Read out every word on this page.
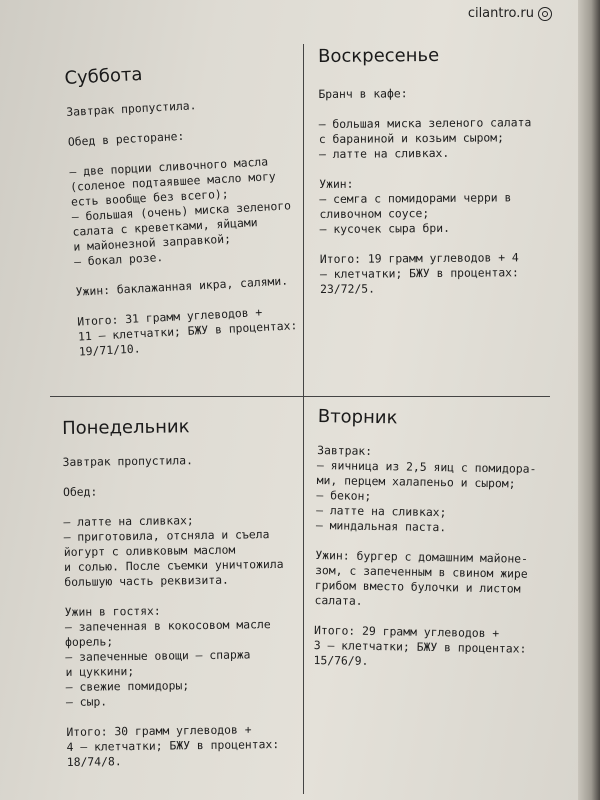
cilantro.ru
Суббота
Завтрак пропустила.

Обед в ресторане:

– две порции сливочного масла
(соленое подтаявшее масло могу
есть вообще без всего);
– большая (очень) миска зеленого
салата с креветками, яйцами
и майонезной заправкой;
– бокал розе.

Ужин: баклажанная икра, салями.

Итого: 31 грамм углеводов +
11 – клетчатки; БЖУ в процентах:
19/71/10.
Воскресенье
Бранч в кафе:

– большая миска зеленого салата
с бараниной и козьим сыром;
– латте на сливках.

Ужин:
– семга с помидорами черри в
сливочном соусе;
– кусочек сыра бри.

Итого: 19 грамм углеводов + 4
– клетчатки; БЖУ в процентах:
23/72/5.
Понедельник
Завтрак пропустила.

Обед:

– латте на сливках;
– приготовила, отсняла и съела
йогурт с оливковым маслом
и солью. После съемки уничтожила
большую часть реквизита.

Ужин в гостях:
– запеченная в кокосовом масле
форель;
– запеченные овощи – спаржа
и цуккини;
– свежие помидоры;
– сыр.

Итого: 30 грамм углеводов +
4 – клетчатки; БЖУ в процентах:
18/74/8.
Вторник
Завтрак:
– яичница из 2,5 яиц с помидора-
ми, перцем халапеньо и сыром;
– бекон;
– латте на сливках;
– миндальная паста.

Ужин: бургер с домашним майоне-
зом, с запеченным в свином жире
грибом вместо булочки и листом
салата.

Итого: 29 грамм углеводов +
3 – клетчатки; БЖУ в процентах:
15/76/9.
